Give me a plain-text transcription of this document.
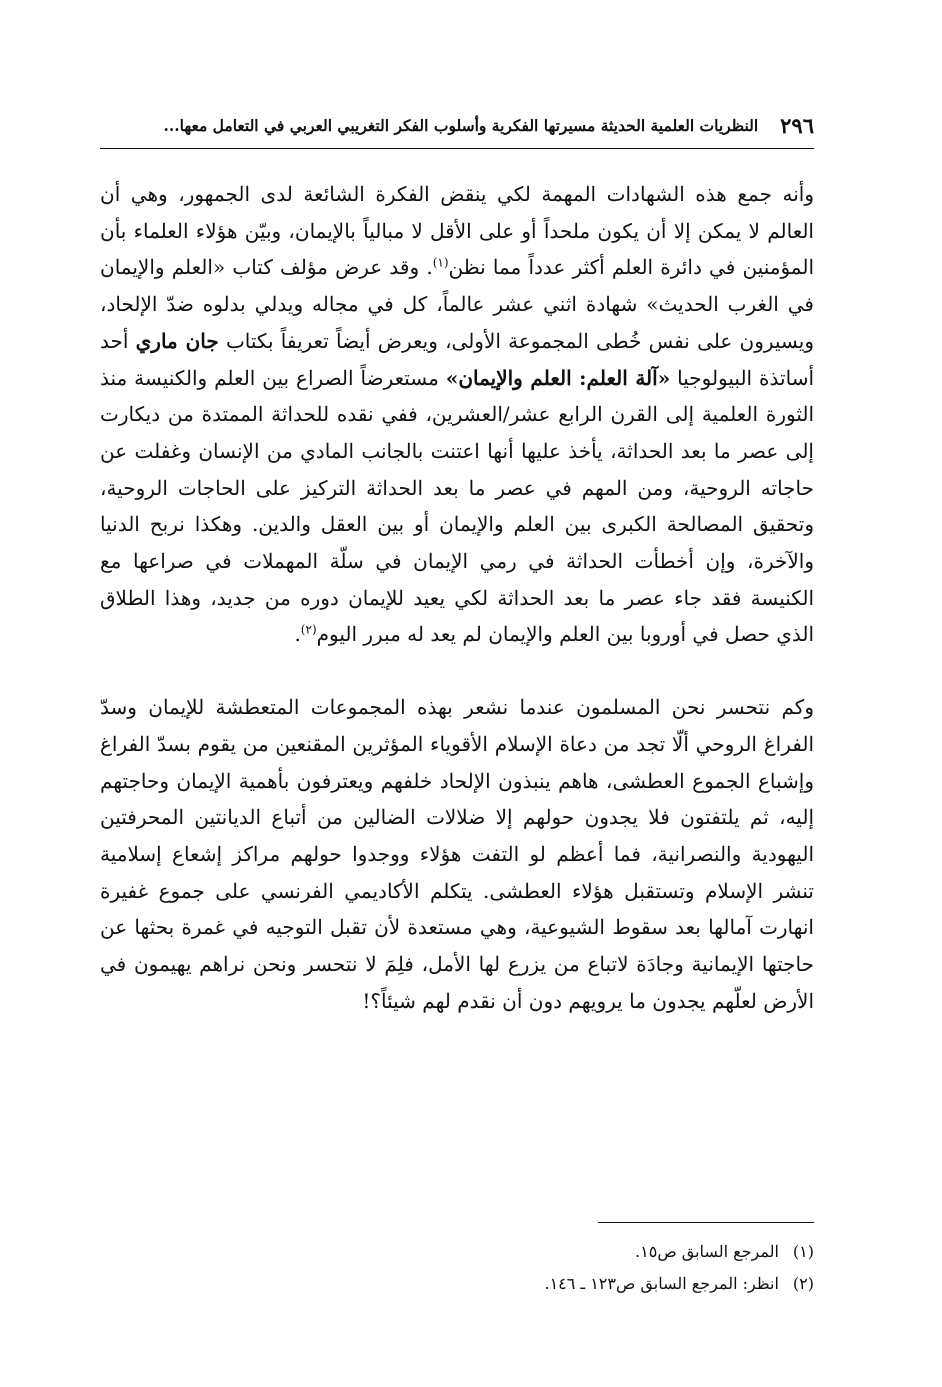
٢٩٦
النظريات العلمية الحديثة مسيرتها الفكرية وأسلوب الفكر التغريبي العربي في التعامل معها...

وأنه جمع هذه الشهادات المهمة لكي ينقض الفكرة الشائعة لدى الجمهور، وهي أن العالم لا يمكن إلا أن يكون ملحداً أو على الأقل لا مبالياً بالإيمان، وبيّن هؤلاء العلماء بأن المؤمنين في دائرة العلم أكثر عدداً مما نظن$^{(١)}$. وقد عرض مؤلف كتاب «العلم والإيمان في الغرب الحديث» شهادة اثني عشر عالماً، كل في مجاله ويدلي بدلوه ضدّ الإلحاد، ويسيرون على نفس خُطى المجموعة الأولى، ويعرض أيضاً تعريفاً بكتاب جان ماري أحد أساتذة البيولوجيا «آلة العلم: العلم والإيمان» مستعرضاً الصراع بين العلم والكنيسة منذ الثورة العلمية إلى القرن الرابع عشر/العشرين، ففي نقده للحداثة الممتدة من ديكارت إلى عصر ما بعد الحداثة، يأخذ عليها أنها اعتنت بالجانب المادي من الإنسان وغفلت عن حاجاته الروحية، ومن المهم في عصر ما بعد الحداثة التركيز على الحاجات الروحية، وتحقيق المصالحة الكبرى بين العلم والإيمان أو بين العقل والدين. وهكذا نربح الدنيا والآخرة، وإن أخطأت الحداثة في رمي الإيمان في سلّة المهملات في صراعها مع الكنيسة فقد جاء عصر ما بعد الحداثة لكي يعيد للإيمان دوره من جديد، وهذا الطلاق الذي حصل في أوروبا بين العلم والإيمان لم يعد له مبرر اليوم$^{(٢)}$.

وكم نتحسر نحن المسلمون عندما نشعر بهذه المجموعات المتعطشة للإيمان وسدّ الفراغ الروحي ألّا تجد من دعاة الإسلام الأقوياء المؤثرين المقنعين من يقوم بسدّ الفراغ وإشباع الجموع العطشى، هاهم ينبذون الإلحاد خلفهم ويعترفون بأهمية الإيمان وحاجتهم إليه، ثم يلتفتون فلا يجدون حولهم إلا ضلالات الضالين من أتباع الديانتين المحرفتين اليهودية والنصرانية، فما أعظم لو التفت هؤلاء ووجدوا حولهم مراكز إشعاع إسلامية تنشر الإسلام وتستقبل هؤلاء العطشى. يتكلم الأكاديمي الفرنسي على جموع غفيرة انهارت آمالها بعد سقوط الشيوعية، وهي مستعدة لأن تقبل التوجيه في غمرة بحثها عن حاجتها الإيمانية وجادَة لاتباع من يزرع لها الأمل، فلِمَ لا نتحسر ونحن نراهم يهيمون في الأرض لعلّهم يجدون ما يرويهم دون أن نقدم لهم شيئاً؟!

(١)المرجع السابق ص١٥.
(٢)انظر: المرجع السابق ص١٢٣ ـ ١٤٦.
